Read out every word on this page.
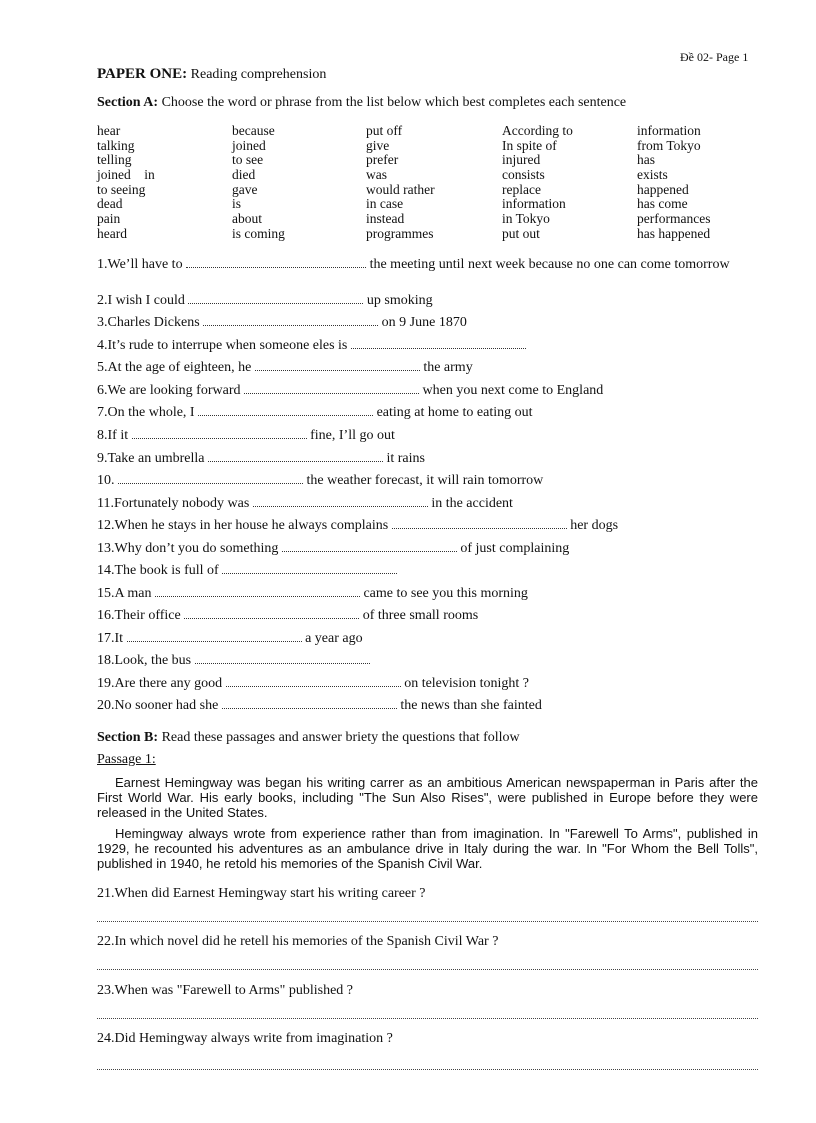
Đề 02- Page 1
PAPER ONE: Reading comprehension
Section A: Choose the word or phrase from the list below which best completes each sentence
hear	because	put off	According to	information
talking	joined	give	In spite of	from Tokyo
telling	to see	prefer	injured	has
joined    in	died	was	consists	exists
to seeing	gave	would rather	replace	happened
dead	is	in case	information	has come
pain	about	instead	in Tokyo	performances
heard	is coming	programmes	put out	has happened
1.We’ll have to	the meeting until next week because no one can come tomorrow
2.I wish I could	up smoking
3.Charles Dickens	on 9 June 1870
4.It’s rude to interrupe when someone eles is
5.At the age of eighteen, he	the army
6.We are looking forward	when you next come to England
7.On the whole, I	eating at home to eating out
8.If it	fine, I’ll go out
9.Take an umbrella	it rains
10.	the weather forecast, it will rain tomorrow
11.Fortunately nobody was	in the accident
12.When he stays in her house he always complains	her dogs
13.Why don’t you do something	of just complaining
14.The book is full of
15.A man	came to see you this morning
16.Their office	of three small rooms
17.It	a year ago
18.Look, the bus
19.Are there any good	on television tonight ?
20.No sooner had she	the news than she fainted
Section B: Read these passages and answer briety the questions that follow
Passage 1:
Earnest Hemingway was began his writing carrer as an ambitious American newspaperman in Paris after the First World War. His early books, including "The Sun Also Rises", were published in Europe before they were released in the United States.
Hemingway always wrote from experience rather than from imagination. In "Farewell To Arms", published in 1929, he recounted his adventures as an ambulance drive in Italy during the war. In "For Whom the Bell Tolls", published in 1940, he retold his memories of the Spanish Civil War.
21.When did Earnest Hemingway start his writing career ?
22.In which novel did he retell his memories of the Spanish Civil War ?
23.When was "Farewell to Arms" published ?
24.Did Hemingway always write from imagination ?
